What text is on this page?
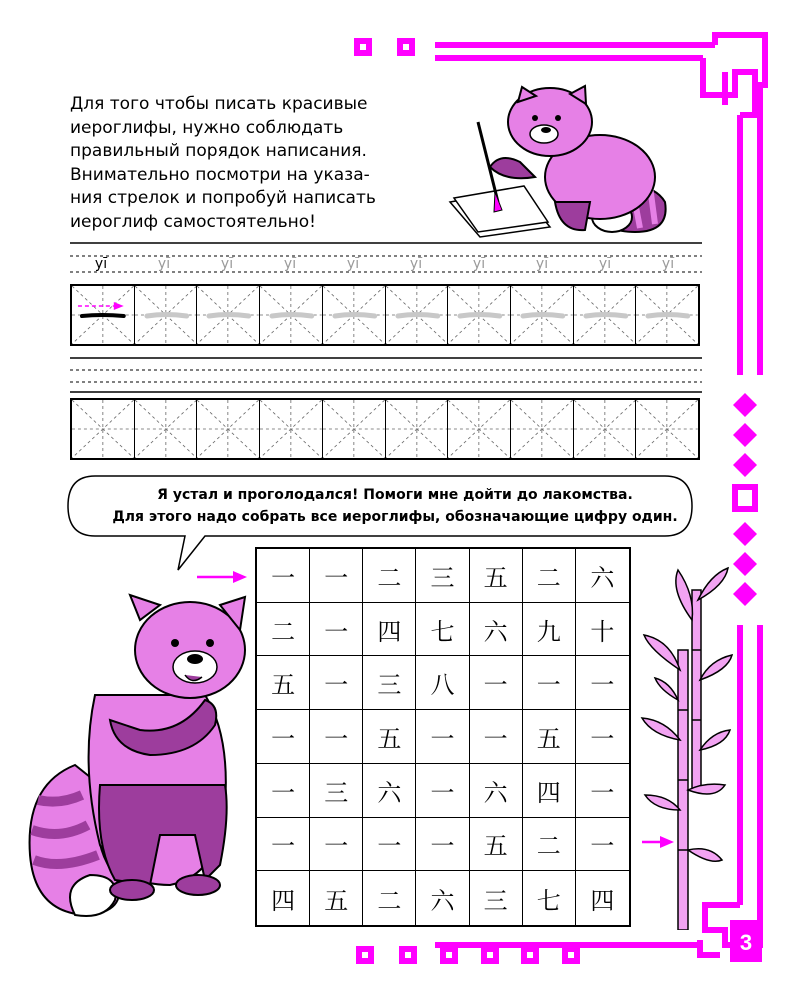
3

Для того чтобы писать красивые

иероглифы, нужно соблюдать

правильный порядок написания.

Внимательно посмотри на указа-

ния стрелок и попробуй написать

иероглиф самостоятельно!

yī	yī	yī	yī	yī	yī	yī	yī	yī	yī
Я устал и проголодался! Помоги мне дойти до лакомства.
Для этого надо собрать все иероглифы, обозначающие цифру один.
一	一	二	三	五	二	六
二	一	四	七	六	九	十
五	一	三	八	一	一	一
一	一	五	一	一	五	一
一	三	六	一	六	四	一
一	一	一	一	五	二	一
四	五	二	六	三	七	四
